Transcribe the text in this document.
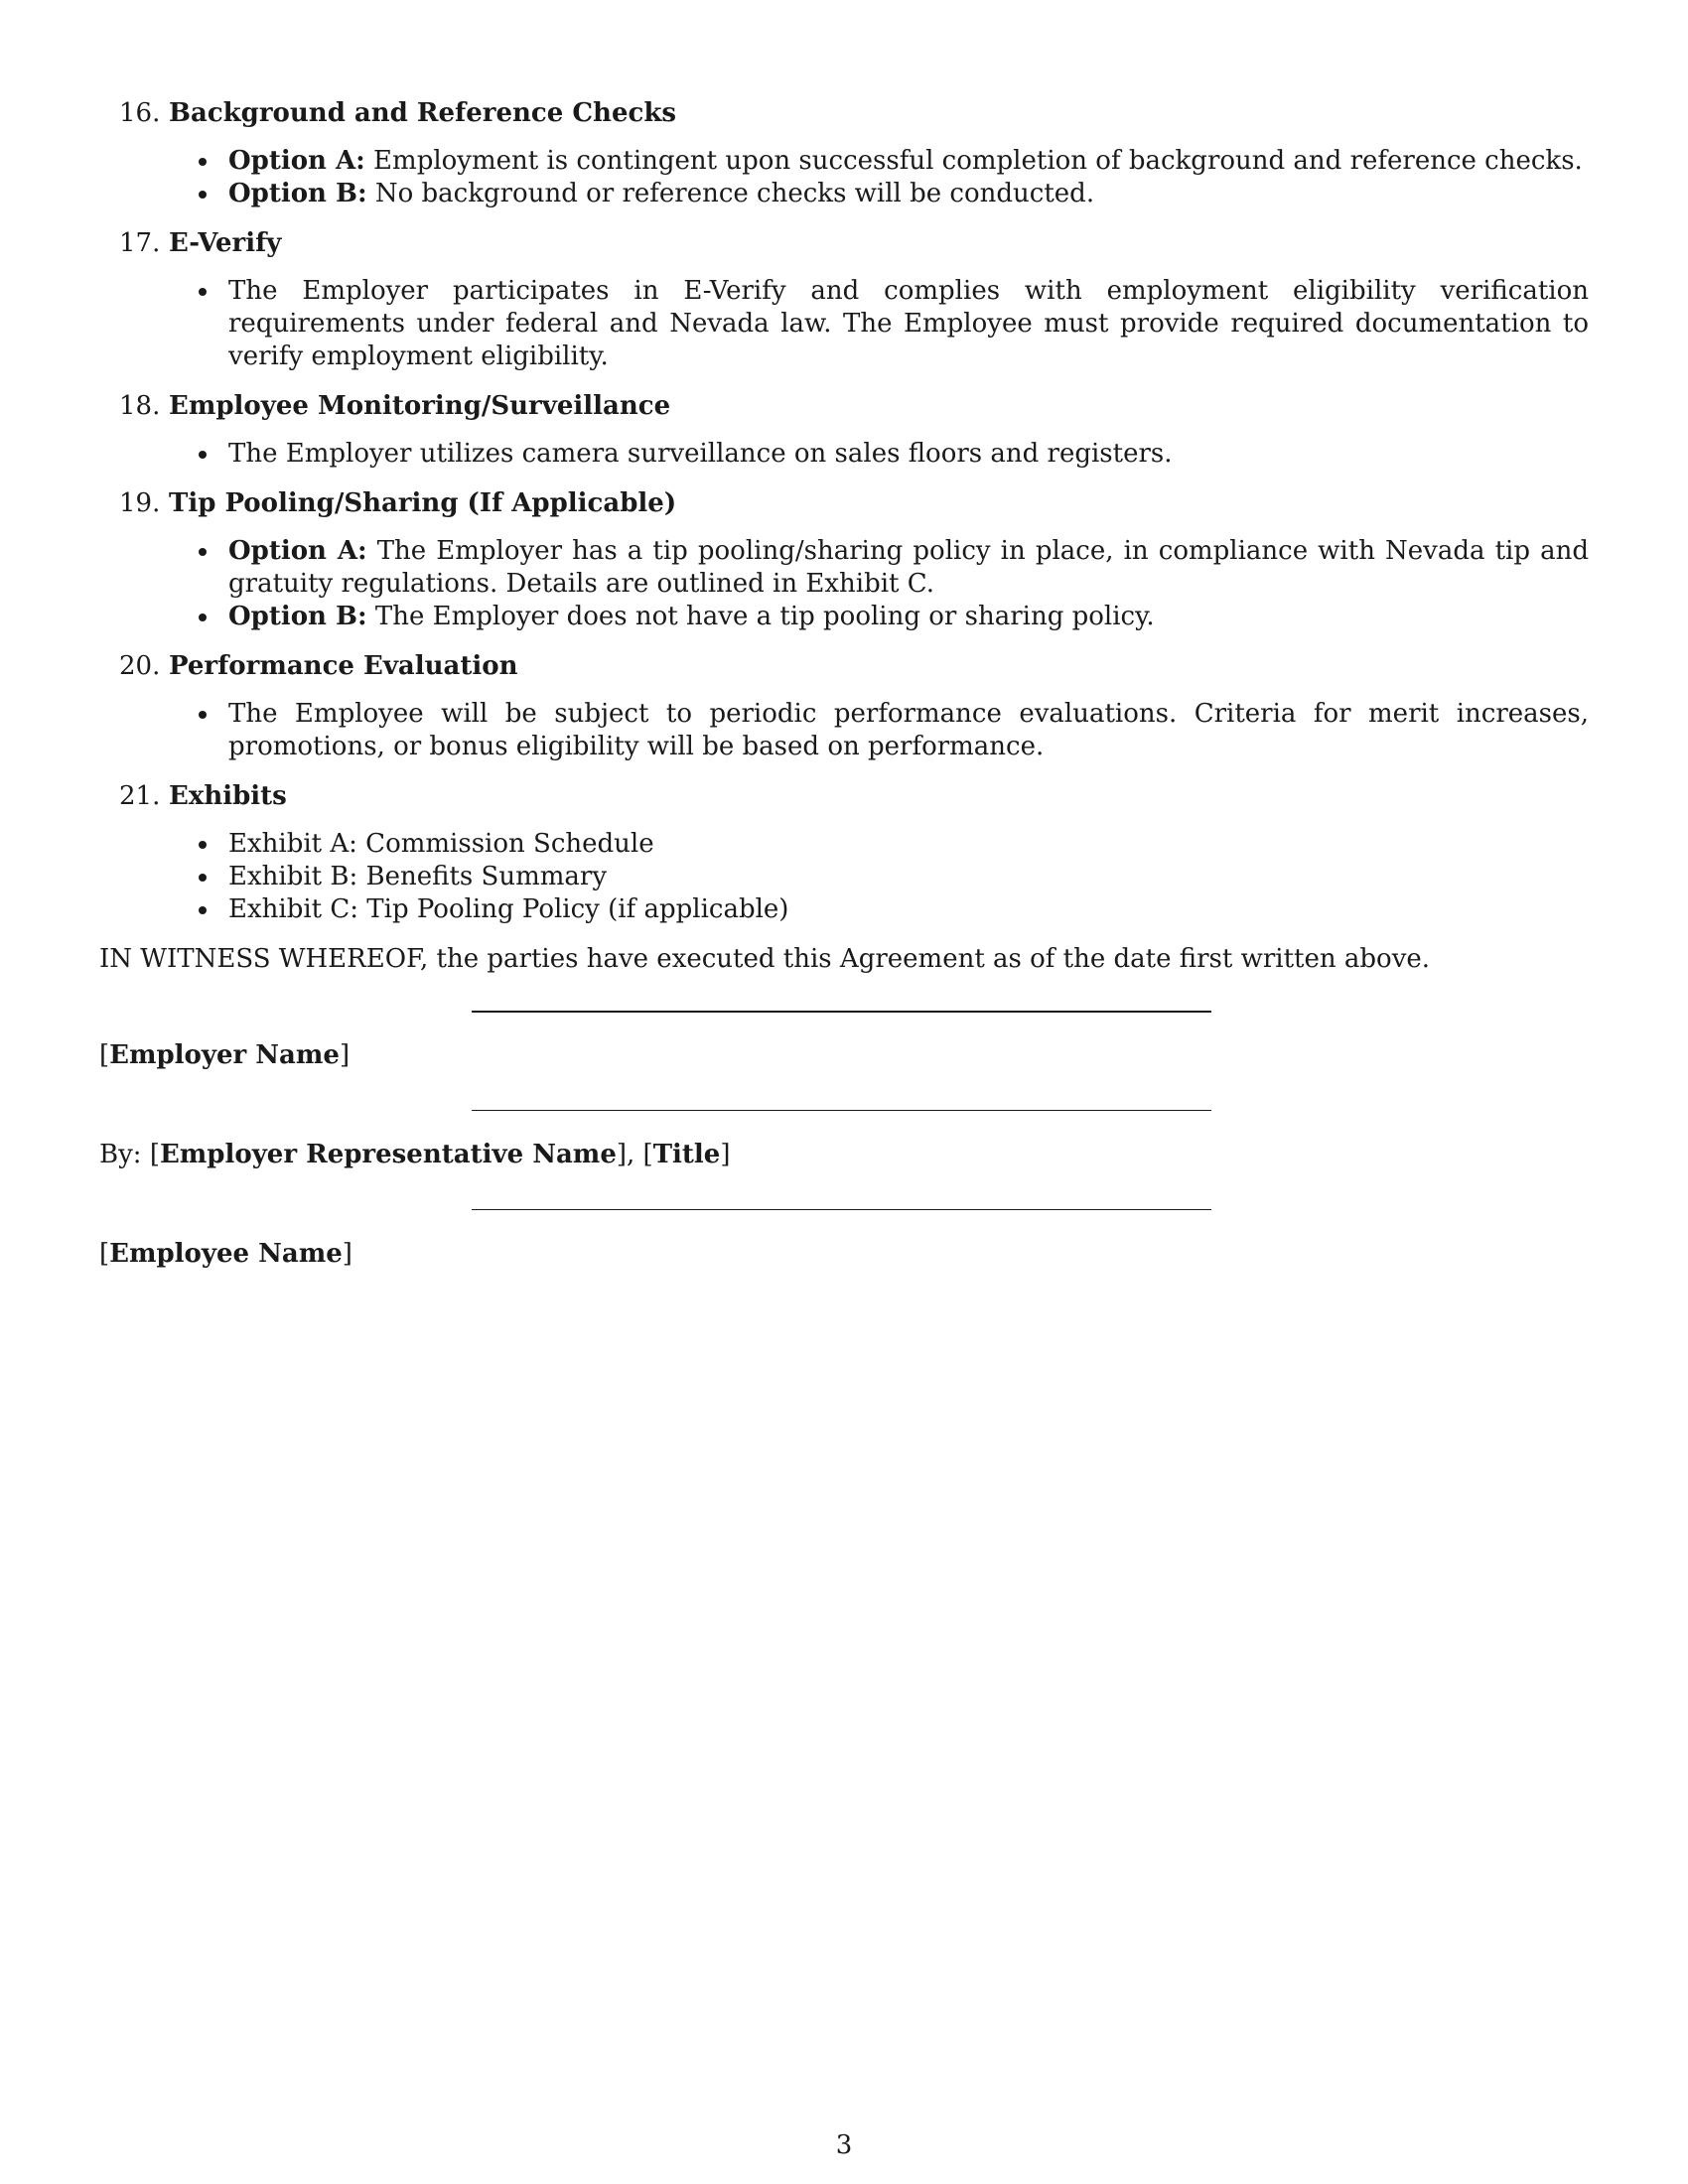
16. Background and Reference Checks
Option A: Employment is contingent upon successful completion of background and reference checks.
Option B: No background or reference checks will be conducted.
17. E-Verify
The Employer participates in E-Verify and complies with employment eligibility verification requirements under federal and Nevada law. The Employee must provide required documentation to verify employment eligibility.
18. Employee Monitoring/Surveillance
The Employer utilizes camera surveillance on sales floors and registers.
19. Tip Pooling/Sharing (If Applicable)
Option A: The Employer has a tip pooling/sharing policy in place, in compliance with Nevada tip and gratuity regulations. Details are outlined in Exhibit C.
Option B: The Employer does not have a tip pooling or sharing policy.
20. Performance Evaluation
The Employee will be subject to periodic performance evaluations. Criteria for merit increases, promotions, or bonus eligibility will be based on performance.
21. Exhibits
Exhibit A: Commission Schedule
Exhibit B: Benefits Summary
Exhibit C: Tip Pooling Policy (if applicable)
IN WITNESS WHEREOF, the parties have executed this Agreement as of the date first written above.
[Employer Name]
By: [Employer Representative Name], [Title]
[Employee Name]
3
